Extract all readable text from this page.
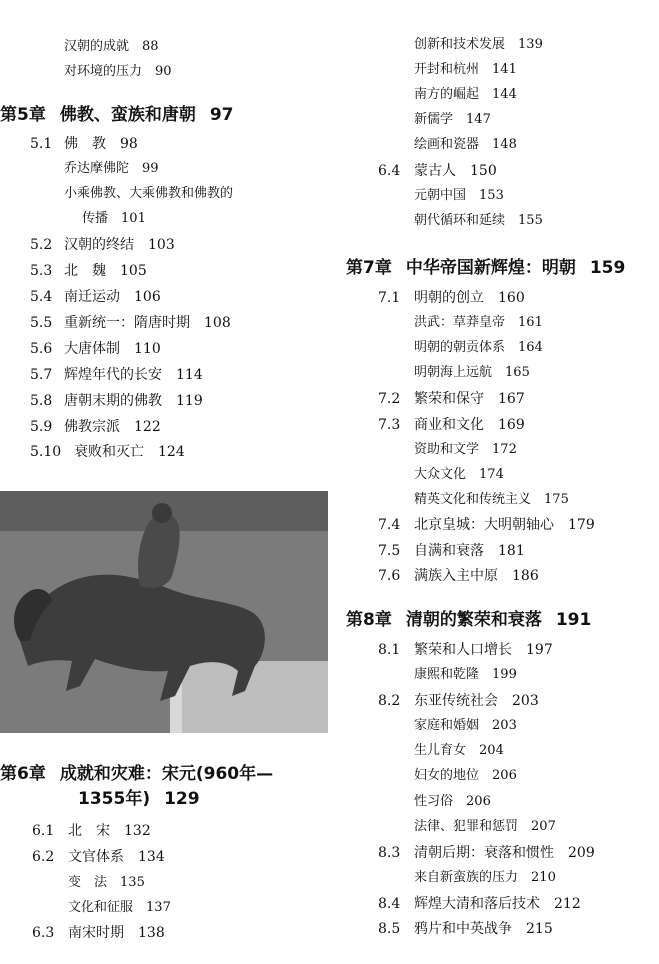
汉朝的成就　 88
对环境的压力　 90
第5章 佛教、蛮族和唐朝 97
5.1 佛　教　 98
乔达摩佛陀　 99
小乘佛教、大乘佛教和佛教的
传播　 101
5.2 汉朝的终结　 103
5.3 北　魏　 105
5.4 南迁运动　 106
5.5 重新统一：隋唐时期　 108
5.6 大唐体制　 110
5.7 辉煌年代的长安　 114
5.8 唐朝末期的佛教　 119
5.9 佛教宗派　 122
5.10 衰败和灭亡　 124
第6章 成就和灾难：宋元(960年—
1355年) 129
6.1 北　宋　 132
6.2 文官体系　 134
变　法　 135
文化和征服　 137
6.3 南宋时期　 138
创新和技术发展　 139
开封和杭州　 141
南方的崛起　 144
新儒学　 147
绘画和瓷器　 148
6.4 蒙古人　 150
元朝中国　 153
朝代循环和延续　 155
第7章 中华帝国新辉煌：明朝 159
7.1 明朝的创立　 160
洪武：草莽皇帝　 161
明朝的朝贡体系　 164
明朝海上远航　 165
7.2 繁荣和保守　 167
7.3 商业和文化　 169
资助和文学　 172
大众文化　 174
精英文化和传统主义　 175
7.4 北京皇城：大明朝轴心　 179
7.5 自满和衰落　 181
7.6 满族入主中原　 186
第8章 清朝的繁荣和衰落 191
8.1 繁荣和人口增长　 197
康熙和乾隆　 199
8.2 东亚传统社会　 203
家庭和婚姻　 203
生儿育女　 204
妇女的地位　 206
性习俗　 206
法律、犯罪和惩罚　 207
8.3 清朝后期：衰落和惯性　 209
来自新蛮族的压力　 210
8.4 辉煌大清和落后技术　 212
8.5 鸦片和中英战争　 215
